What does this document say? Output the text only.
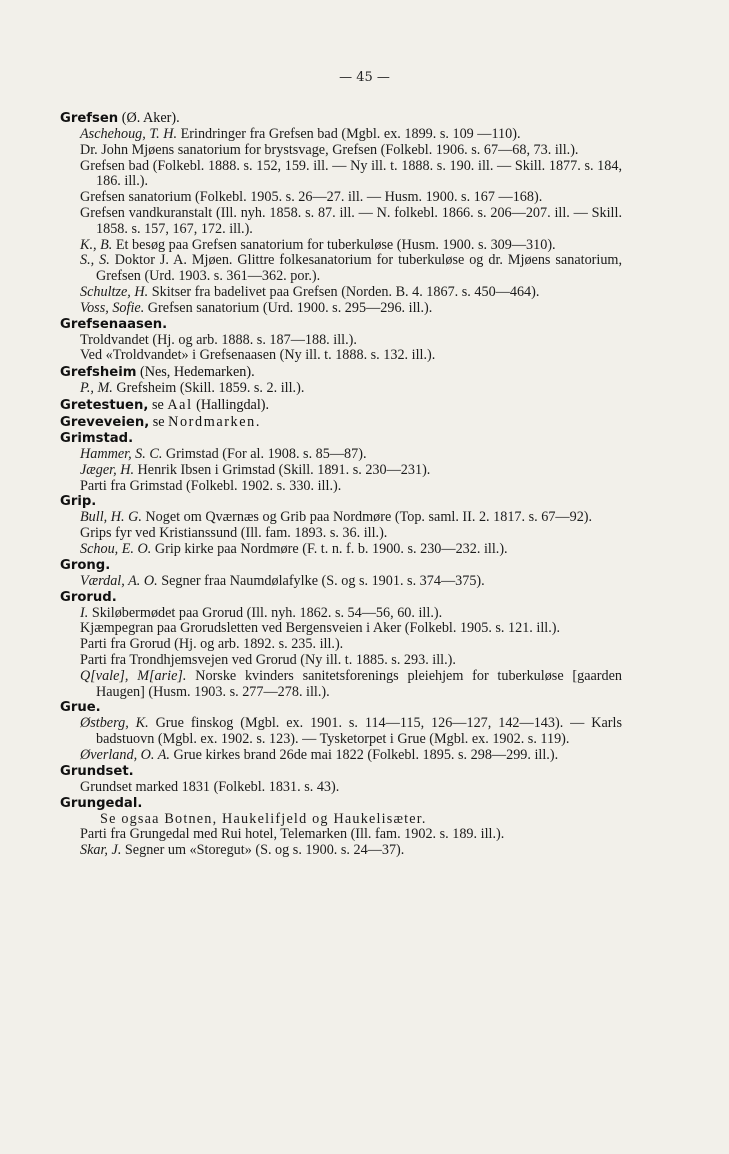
— 45 —
Grefsen (Ø. Aker).
Aschehoug, T. H. Erindringer fra Grefsen bad (Mgbl. ex. 1899. s. 109 —110).
Dr. John Mjøens sanatorium for brystsvage, Grefsen (Folkebl. 1906. s. 67—68, 73. ill.).
Grefsen bad (Folkebl. 1888. s. 152, 159. ill. — Ny ill. t. 1888. s. 190. ill. — Skill. 1877. s. 184, 186. ill.).
Grefsen sanatorium (Folkebl. 1905. s. 26—27. ill. — Husm. 1900. s. 167 —168).
Grefsen vandkuranstalt (Ill. nyh. 1858. s. 87. ill. — N. folkebl. 1866. s. 206—207. ill. — Skill. 1858. s. 157, 167, 172. ill.).
K., B. Et besøg paa Grefsen sanatorium for tuberkuløse (Husm. 1900. s. 309—310).
S., S. Doktor J. A. Mjøen. Glittre folkesanatorium for tuberkuløse og dr. Mjøens sanatorium, Grefsen (Urd. 1903. s. 361—362. por.).
Schultze, H. Skitser fra badelivet paa Grefsen (Norden. B. 4. 1867. s. 450—464).
Voss, Sofie. Grefsen sanatorium (Urd. 1900. s. 295—296. ill.).
Grefsenaasen.
Troldvandet (Hj. og arb. 1888. s. 187—188. ill.).
Ved «Troldvandet» i Grefsenaasen (Ny ill. t. 1888. s. 132. ill.).
Grefsheim (Nes, Hedemarken).
P., M. Grefsheim (Skill. 1859. s. 2. ill.).
Gretestuen, se Aal (Hallingdal).
Greveveien, se Nordmarken.
Grimstad.
Hammer, S. C. Grimstad (For al. 1908. s. 85—87).
Jæger, H. Henrik Ibsen i Grimstad (Skill. 1891. s. 230—231).
Parti fra Grimstad (Folkebl. 1902. s. 330. ill.).
Grip.
Bull, H. G. Noget om Qværnæs og Grib paa Nordmøre (Top. saml. II. 2. 1817. s. 67—92).
Grips fyr ved Kristianssund (Ill. fam. 1893. s. 36. ill.).
Schou, E. O. Grip kirke paa Nordmøre (F. t. n. f. b. 1900. s. 230—232. ill.).
Grong.
Værdal, A. O. Segner fraa Naumdølafylke (S. og s. 1901. s. 374—375).
Grorud.
I. Skiløbermødet paa Grorud (Ill. nyh. 1862. s. 54—56, 60. ill.).
Kjæmpegran paa Grorudsletten ved Bergensveien i Aker (Folkebl. 1905. s. 121. ill.).
Parti fra Grorud (Hj. og arb. 1892. s. 235. ill.).
Parti fra Trondhjemsvejen ved Grorud (Ny ill. t. 1885. s. 293. ill.).
Q[vale], M[arie]. Norske kvinders sanitetsforenings pleiehjem for tuberkuløse [gaarden Haugen] (Husm. 1903. s. 277—278. ill.).
Grue.
Østberg, K. Grue finskog (Mgbl. ex. 1901. s. 114—115, 126—127, 142—143). — Karls badstuovn (Mgbl. ex. 1902. s. 123). — Tysketorpet i Grue (Mgbl. ex. 1902. s. 119).
Øverland, O. A. Grue kirkes brand 26de mai 1822 (Folkebl. 1895. s. 298—299. ill.).
Grundset.
Grundset marked 1831 (Folkebl. 1831. s. 43).
Grungedal.
Se ogsaa Botnen, Haukelifjeld og Haukelisæter.
Parti fra Grungedal med Rui hotel, Telemarken (Ill. fam. 1902. s. 189. ill.).
Skar, J. Segner um «Storegut» (S. og s. 1900. s. 24—37).
